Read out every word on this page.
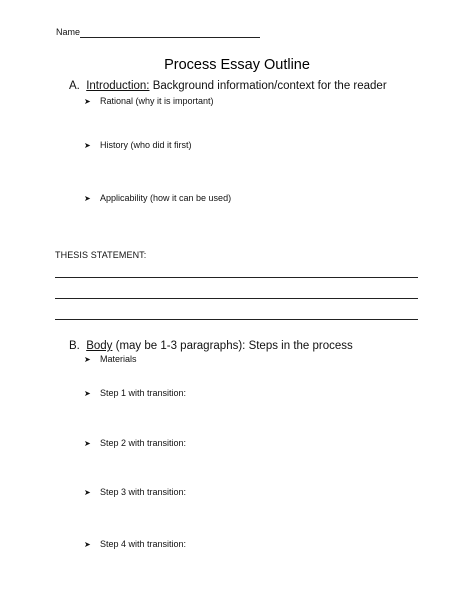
Name
Process Essay Outline
A. Introduction: Background information/context for the reader
➤ Rational (why it is important)
➤ History (who did it first)
➤ Applicability (how it can be used)
THESIS STATEMENT:
B. Body (may be 1-3 paragraphs): Steps in the process
➤ Materials
➤ Step 1 with transition:
➤ Step 2 with transition:
➤ Step 3 with transition:
➤ Step 4 with transition:
